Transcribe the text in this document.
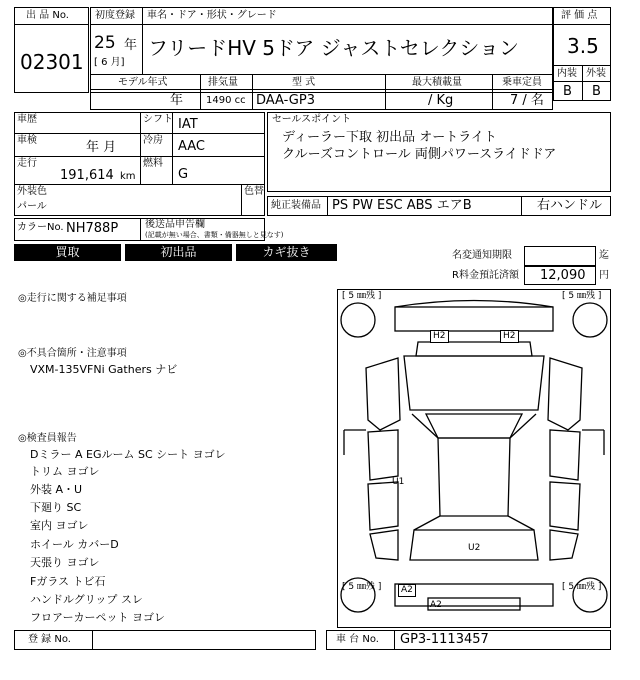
出 品 No.
02301
初度登録 車名・ドア・形状・グレード
25 年
[ 6 月]
フリードHV 5ドア ジャストセレクション
評 価 点
3.5
内装 外装
B B
モデル年式	排気量	型 式	最大積載量	乗車定員
年 1490 cc DAA-GP3	/ Kg	7 / 名
車歴	シフト IAT
車検	年 月	冷房 AAC
走行
191,614 km
燃料
G
外装色
パール
色替
カラーNo. NH788P	後送品申告欄
(記載が無い場合、書類・備器無しと見なす)
セールスポイント
ディーラー下取 初出品 オートライト
クルーズコントロール 両側パワースライドドア
純正装備品 PS PW ESC ABS エアB	右ハンドル
買取	初出品	カギ抜き	名変通知期限	迄
R料金預託済額 12,090 円
◎走行に関する補足事項
◎不具合箇所・注意事項
VXM-135VFNi Gathers ナビ
◎検査員報告
Dミラー A EGルーム SC シート ヨゴレ
トリム ヨゴレ
外装 A・U
下廻り SC
室内 ヨゴレ
ホイール カバーD
天張り ヨゴレ
Fガラス トビ石
ハンドルグリップ スレ
フロアーカーペット ヨゴレ
[ 5 ㎜残 ]	[ 5 ㎜残 ]
[ 5 ㎜残 ]	[ 5 ㎜残 ]
H2	H2
U1
U2
A2
A2
登 録 No.	車 台 No. GP3-1113457
